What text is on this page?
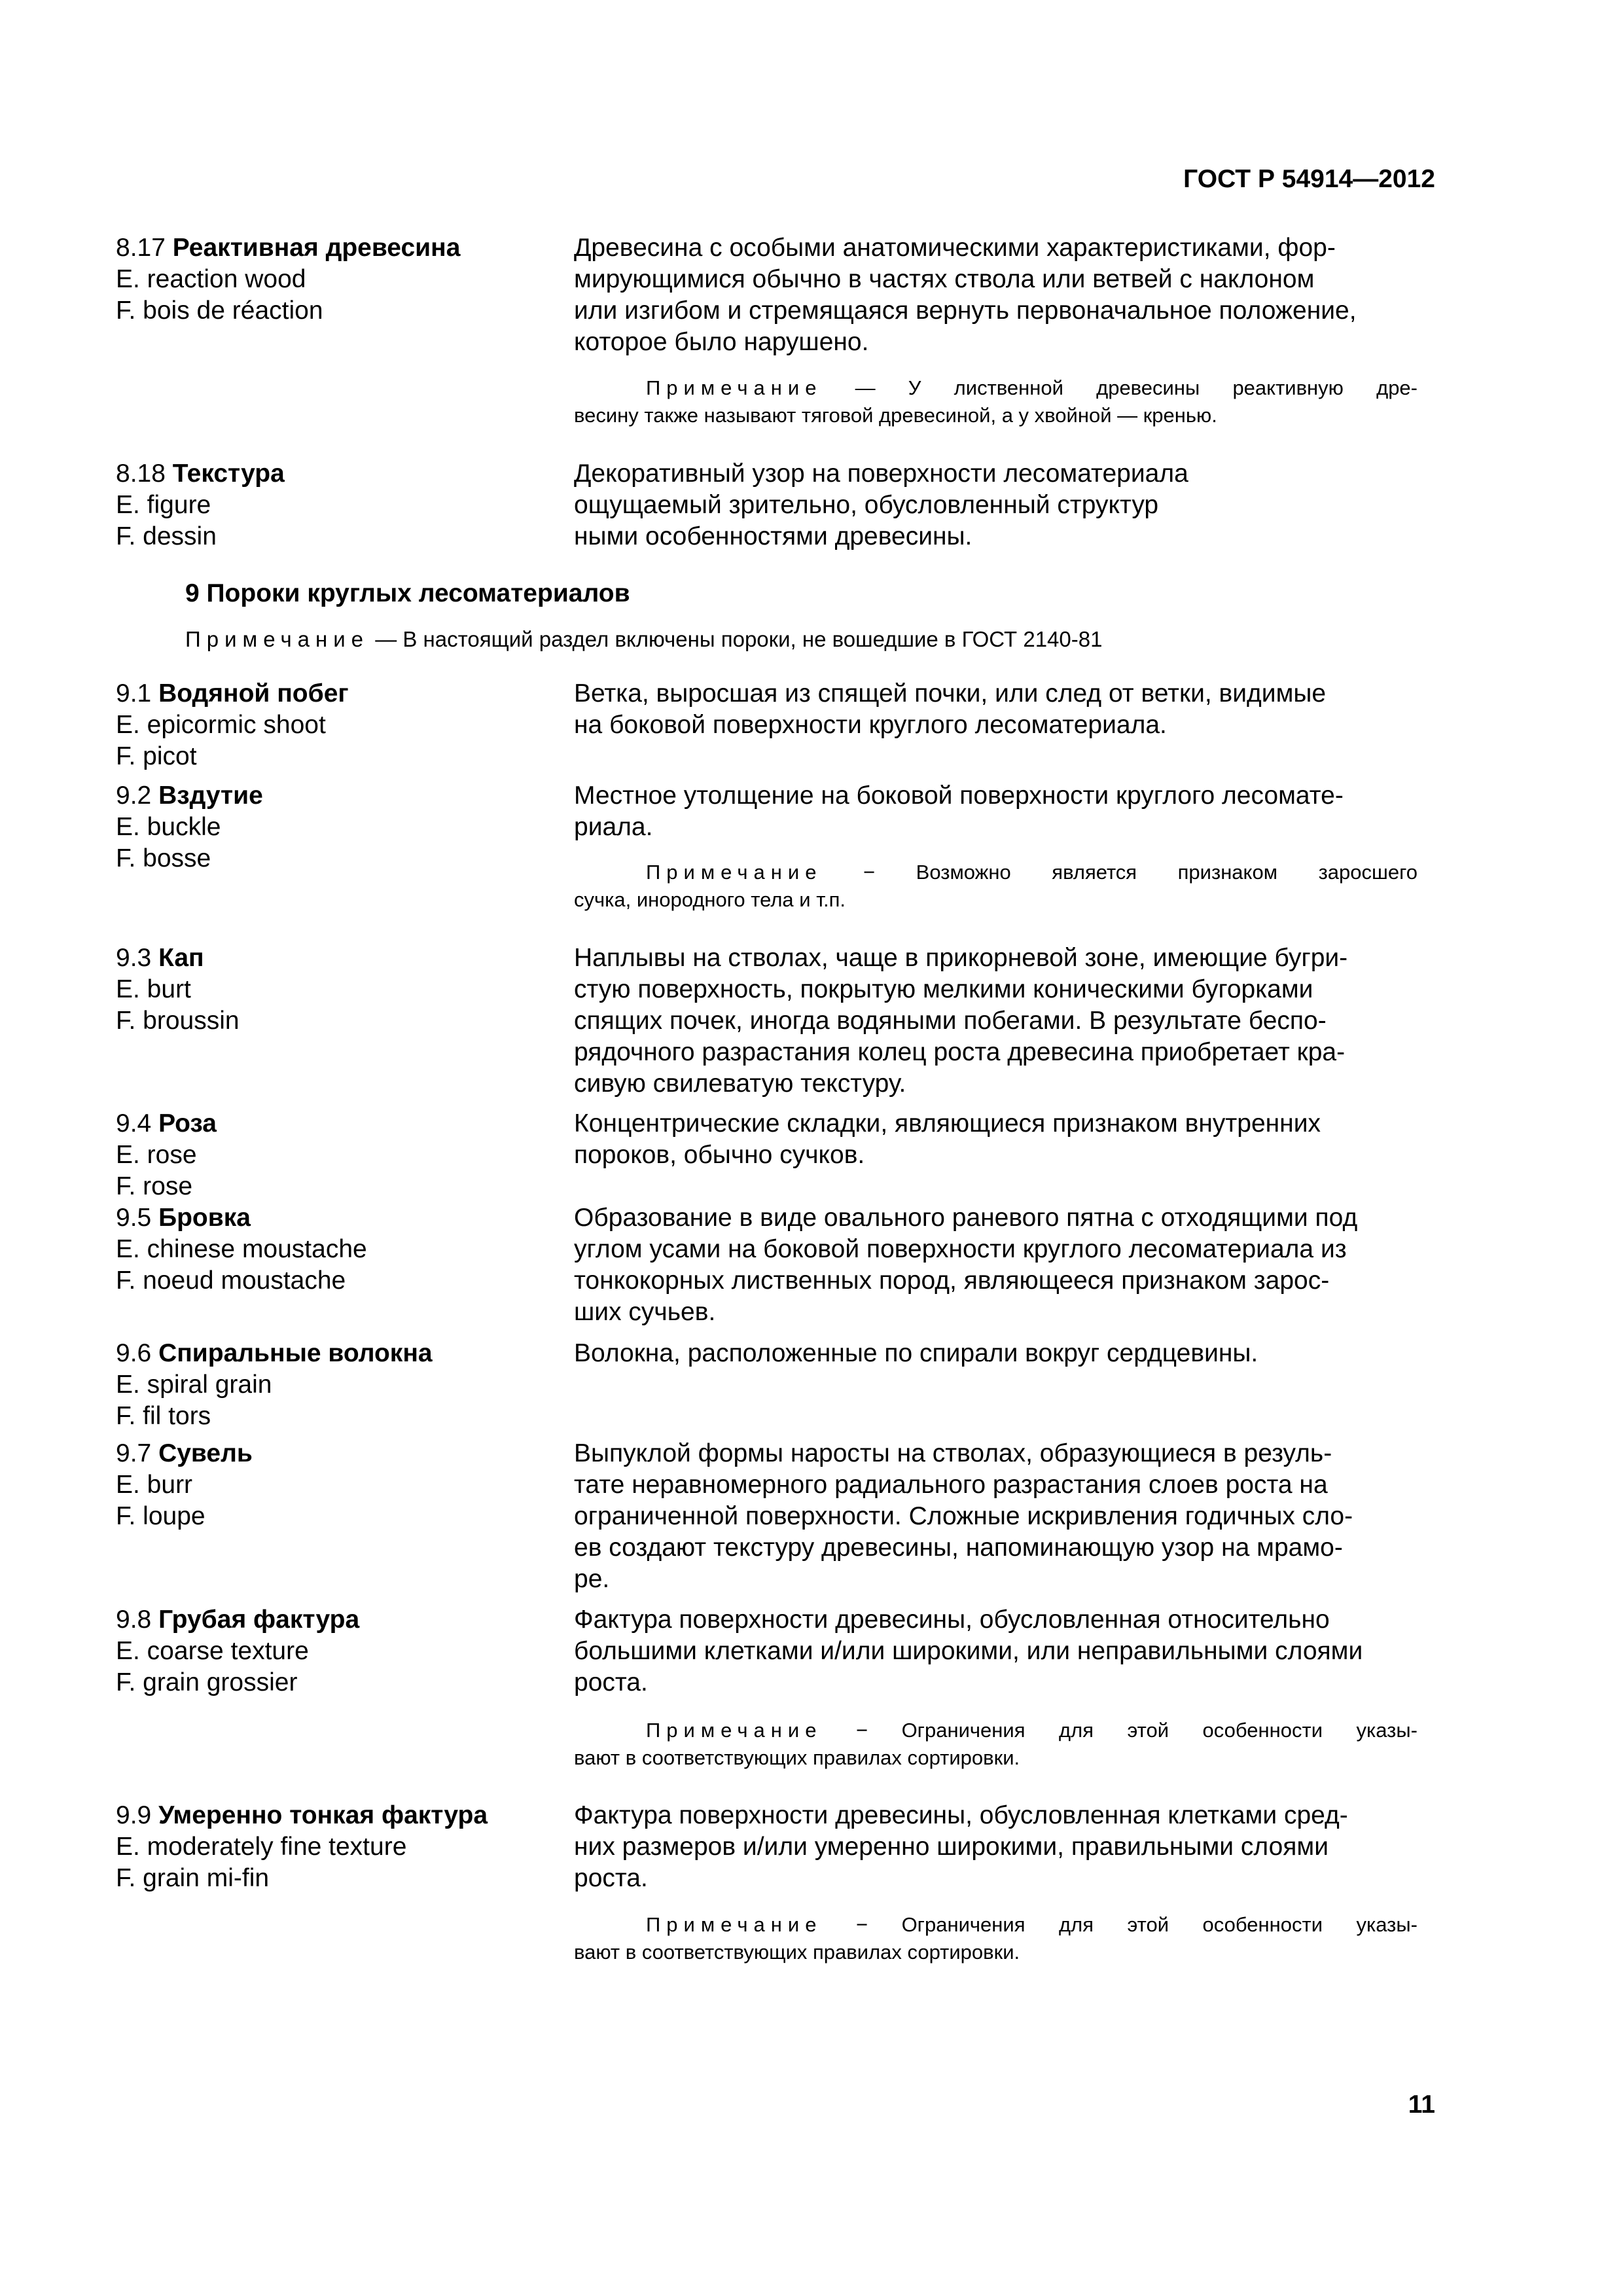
ГОСТ Р 54914—2012
8.17 Реактивная древесина
E. reaction wood
F. bois de réaction
Древесина с особыми анатомическими характеристиками, фор-
мирующимися обычно в частях ствола или ветвей с наклоном
или изгибом и стремящаяся вернуть первоначальное положение,
которое было нарушено.
Примечание — У лиственной древесины реактивную дре-
весину также называют тяговой древесиной, а у хвойной — кренью.
8.18 Текстура
E. figure
F. dessin
Декоративный узор на поверхности лесоматериала
ощущаемый зрительно, обусловленный структур
ными особенностями древесины.
9 Пороки круглых лесоматериалов
Примечание — В настоящий раздел включены пороки, не вошедшие в ГОСТ 2140-81
9.1 Водяной побег
E. epicormic shoot
F. picot
Ветка, выросшая из спящей почки, или след от ветки, видимые
на боковой поверхности круглого лесоматериала.
9.2 Вздутие
E. buckle
F. bosse
Местное утолщение на боковой поверхности круглого лесомате-
риала.
Примечание − Возможно является признаком заросшего
сучка, инородного тела и т.п.
9.3 Кап
E. burt
F. broussin
Наплывы на стволах, чаще в прикорневой зоне, имеющие бугри-
стую поверхность, покрытую мелкими коническими бугорками
спящих почек, иногда водяными побегами. В результате беспо-
рядочного разрастания колец роста древесина приобретает кра-
сивую свилеватую текстуру.
9.4 Роза
E. rose
F. rose
Концентрические складки, являющиеся признаком внутренних
пороков, обычно сучков.
9.5 Бровка
E. chinese moustache
F. noeud moustache
Образование в виде овального раневого пятна с отходящими под
углом усами на боковой поверхности круглого лесоматериала из
тонкокорных лиственных пород, являющееся признаком зарос-
ших сучьев.
9.6 Спиральные волокна
E. spiral grain
F. fil tors
Волокна, расположенные по спирали вокруг сердцевины.
9.7 Сувель
E. burr
F. loupe
Выпуклой формы наросты на стволах, образующиеся в резуль-
тате неравномерного радиального разрастания слоев роста на
ограниченной поверхности. Сложные искривления годичных сло-
ев создают текстуру древесины, напоминающую узор на мрамо-
ре.
9.8 Грубая фактура
E. coarse texture
F. grain grossier
Фактура поверхности древесины, обусловленная относительно
большими клетками и/или широкими, или неправильными слоями
роста.
Примечание − Ограничения для этой особенности указы-
вают в соответствующих правилах сортировки.
9.9 Умеренно тонкая фактура
E. moderately fine texture
F. grain mi-fin
Фактура поверхности древесины, обусловленная клетками сред-
них размеров и/или умеренно широкими, правильными слоями
роста.
Примечание − Ограничения для этой особенности указы-
вают в соответствующих правилах сортировки.
11
